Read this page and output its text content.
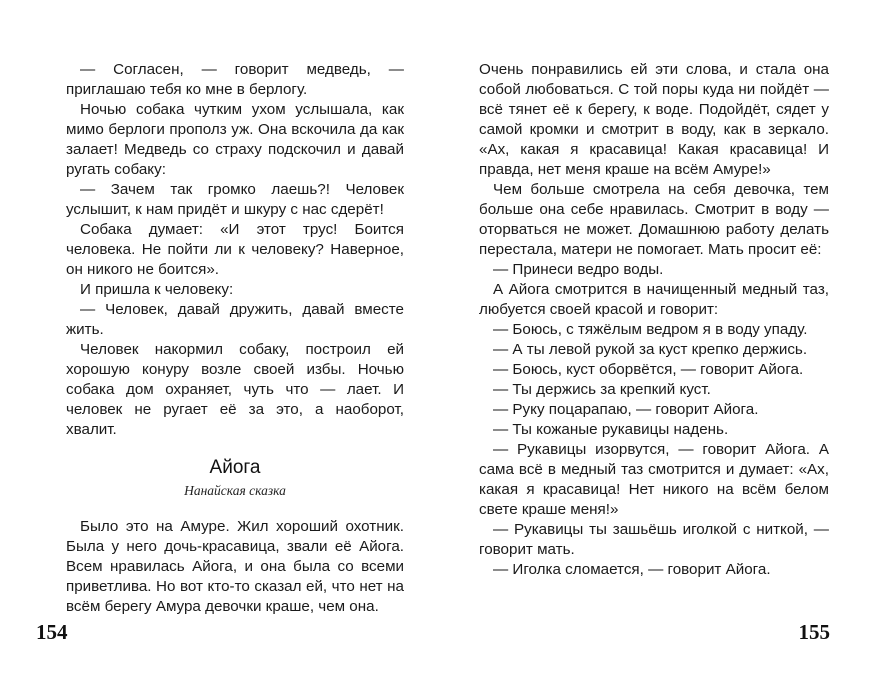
— Согласен, — говорит медведь, — приглашаю тебя ко мне в берлогу.

Ночью собака чутким ухом услышала, как мимо берлоги прополз уж. Она вскочила да как залает! Медведь со страху подскочил и давай ругать собаку:

— Зачем так громко лаешь?! Человек услышит, к нам придёт и шкуру с нас сдерёт!

Собака думает: «И этот трус! Боится человека. Не пойти ли к человеку? Наверное, он никого не боится».

И пришла к человеку:

— Человек, давай дружить, давай вместе жить.

Человек накормил собаку, построил ей хорошую конуру возле своей избы. Ночью собака дом охраняет, чуть что — лает. И человек не ругает её за это, а наоборот, хвалит.

Айога

Нанайская сказка

Было это на Амуре. Жил хороший охотник. Была у него дочь-красавица, звали её Айога. Всем нравилась Айога, и она была со всеми приветлива. Но вот кто-то сказал ей, что нет на всём берегу Амура девочки краше, чем она.

154

Очень понравились ей эти слова, и стала она собой любоваться. С той поры куда ни пойдёт — всё тянет её к берегу, к воде. Подойдёт, сядет у самой кромки и смотрит в воду, как в зеркало. «Ах, какая я красавица! Какая красавица! И правда, нет меня краше на всём Амуре!»

Чем больше смотрела на себя девочка, тем больше она себе нравилась. Смотрит в воду — оторваться не может. Домашнюю работу делать перестала, матери не помогает. Мать просит её:

— Принеси ведро воды.

А Айога смотрится в начищенный медный таз, любуется своей красой и говорит:

— Боюсь, с тяжёлым ведром я в воду упаду.

— А ты левой рукой за куст крепко держись.

— Боюсь, куст оборвётся, — говорит Айога.

— Ты держись за крепкий куст.

— Руку поцарапаю, — говорит Айога.

— Ты кожаные рукавицы надень.

— Рукавицы изорвутся, — говорит Айога. А сама всё в медный таз смотрится и думает: «Ах, какая я красавица! Нет никого на всём белом свете краше меня!»

— Рукавицы ты зашьёшь иголкой с ниткой, — говорит мать.

— Иголка сломается, — говорит Айога.

155
